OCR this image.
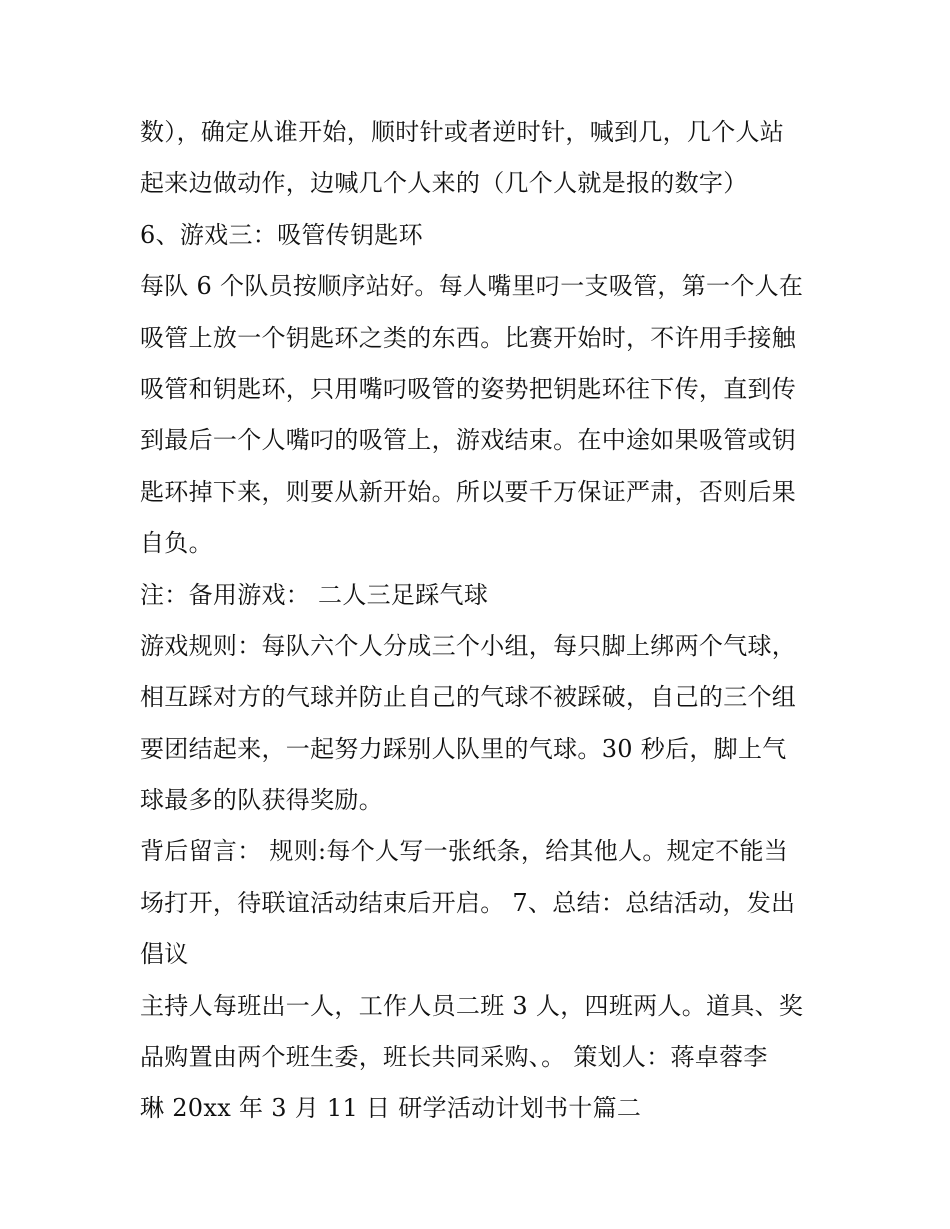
数），确定从谁开始，顺时针或者逆时针，喊到几，几个人站
起来边做动作，边喊几个人来的（几个人就是报的数字）
6、游戏三：吸管传钥匙环
每队 6 个队员按顺序站好。每人嘴里叼一支吸管，第一个人在
吸管上放一个钥匙环之类的东西。比赛开始时，不许用手接触
吸管和钥匙环，只用嘴叼吸管的姿势把钥匙环往下传，直到传
到最后一个人嘴叼的吸管上，游戏结束。在中途如果吸管或钥
匙环掉下来，则要从新开始。所以要千万保证严肃，否则后果
自负。
注：备用游戏： 二人三足踩气球
游戏规则：每队六个人分成三个小组，每只脚上绑两个气球，
相互踩对方的气球并防止自己的气球不被踩破，自己的三个组
要团结起来，一起努力踩别人队里的气球。30 秒后，脚上气
球最多的队获得奖励。
背后留言： 规则:每个人写一张纸条，给其他人。规定不能当
场打开，待联谊活动结束后开启。 7、总结：总结活动，发出
倡议
主持人每班出一人，工作人员二班 3 人，四班两人。道具、奖
品购置由两个班生委，班长共同采购、。 策划人：蒋卓蓉李
琳 20xx 年 3 月 11 日 研学活动计划书十篇二
